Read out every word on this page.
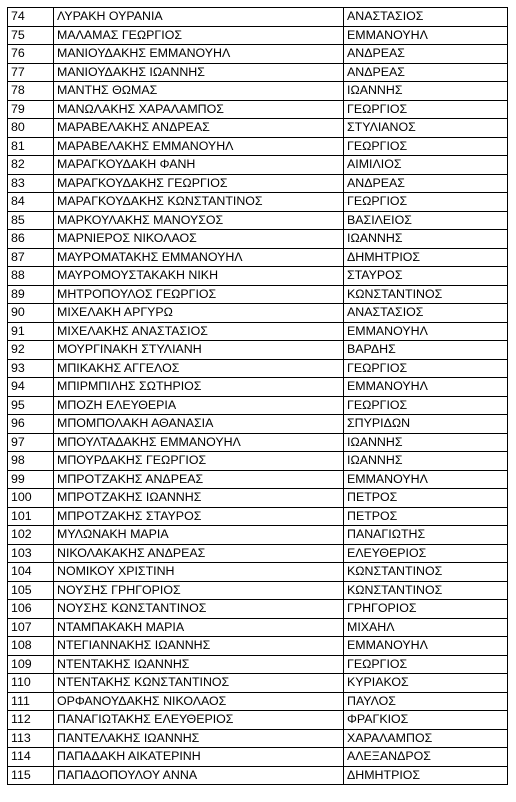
74	ΛΥΡΑΚΗ ΟΥΡΑΝΙΑ	ΑΝΑΣΤΑΣΙΟΣ
75	ΜΑΛΑΜΑΣ ΓΕΩΡΓΙΟΣ	ΕΜΜΑΝΟΥΗΛ
76	ΜΑΝΙΟΥΔΑΚΗΣ ΕΜΜΑΝΟΥΗΛ	ΑΝΔΡΕΑΣ
77	ΜΑΝΙΟΥΔΑΚΗΣ ΙΩΑΝΝΗΣ	ΑΝΔΡΕΑΣ
78	ΜΑΝΤΗΣ ΘΩΜΑΣ	ΙΩΑΝΝΗΣ
79	ΜΑΝΩΛΑΚΗΣ ΧΑΡΑΛΑΜΠΟΣ	ΓΕΩΡΓΙΟΣ
80	ΜΑΡΑΒΕΛΑΚΗΣ ΑΝΔΡΕΑΣ	ΣΤΥΛΙΑΝΟΣ
81	ΜΑΡΑΒΕΛΑΚΗΣ ΕΜΜΑΝΟΥΗΛ	ΓΕΩΡΓΙΟΣ
82	ΜΑΡΑΓΚΟΥΔΑΚΗ ΦΑΝΗ	ΑΙΜΙΛΙΟΣ
83	ΜΑΡΑΓΚΟΥΔΑΚΗΣ ΓΕΩΡΓΙΟΣ	ΑΝΔΡΕΑΣ
84	ΜΑΡΑΓΚΟΥΔΑΚΗΣ ΚΩΝΣΤΑΝΤΙΝΟΣ	ΓΕΩΡΓΙΟΣ
85	ΜΑΡΚΟΥΛΑΚΗΣ ΜΑΝΟΥΣΟΣ	ΒΑΣΙΛΕΙΟΣ
86	ΜΑΡΝΙΕΡΟΣ ΝΙΚΟΛΑΟΣ	ΙΩΑΝΝΗΣ
87	ΜΑΥΡΟΜΑΤΑΚΗΣ ΕΜΜΑΝΟΥΗΛ	ΔΗΜΗΤΡΙΟΣ
88	ΜΑΥΡΟΜΟΥΣΤΑΚΑΚΗ ΝΙΚΗ	ΣΤΑΥΡΟΣ
89	ΜΗΤΡΟΠΟΥΛΟΣ ΓΕΩΡΓΙΟΣ	ΚΩΝΣΤΑΝΤΙΝΟΣ
90	ΜΙΧΕΛΑΚΗ ΑΡΓΥΡΩ	ΑΝΑΣΤΑΣΙΟΣ
91	ΜΙΧΕΛΑΚΗΣ ΑΝΑΣΤΑΣΙΟΣ	ΕΜΜΑΝΟΥΗΛ
92	ΜΟΥΡΓΙΝΑΚΗ ΣΤΥΛΙΑΝΗ	ΒΑΡΔΗΣ
93	ΜΠΙΚΑΚΗΣ ΑΓΓΕΛΟΣ	ΓΕΩΡΓΙΟΣ
94	ΜΠΙΡΜΠΙΛΗΣ ΣΩΤΗΡΙΟΣ	ΕΜΜΑΝΟΥΗΛ
95	ΜΠΟΖΗ ΕΛΕΥΘΕΡΙΑ	ΓΕΩΡΓΙΟΣ
96	ΜΠΟΜΠΟΛΑΚΗ ΑΘΑΝΑΣΙΑ	ΣΠΥΡΙΔΩΝ
97	ΜΠΟΥΛΤΑΔΑΚΗΣ ΕΜΜΑΝΟΥΗΛ	ΙΩΑΝΝΗΣ
98	ΜΠΟΥΡΔΑΚΗΣ ΓΕΩΡΓΙΟΣ	ΙΩΑΝΝΗΣ
99	ΜΠΡΟΤΖΑΚΗΣ ΑΝΔΡΕΑΣ	ΕΜΜΑΝΟΥΗΛ
100	ΜΠΡΟΤΖΑΚΗΣ ΙΩΑΝΝΗΣ	ΠΕΤΡΟΣ
101	ΜΠΡΟΤΖΑΚΗΣ ΣΤΑΥΡΟΣ	ΠΕΤΡΟΣ
102	ΜΥΛΩΝΑΚΗ ΜΑΡΙΑ	ΠΑΝΑΓΙΩΤΗΣ
103	ΝΙΚΟΛΑΚΑΚΗΣ ΑΝΔΡΕΑΣ	ΕΛΕΥΘΕΡΙΟΣ
104	ΝΟΜΙΚΟΥ ΧΡΙΣΤΙΝΗ	ΚΩΝΣΤΑΝΤΙΝΟΣ
105	ΝΟΥΣΗΣ ΓΡΗΓΟΡΙΟΣ	ΚΩΝΣΤΑΝΤΙΝΟΣ
106	ΝΟΥΣΗΣ ΚΩΝΣΤΑΝΤΙΝΟΣ	ΓΡΗΓΟΡΙΟΣ
107	ΝΤΑΜΠΑΚΑΚΗ ΜΑΡΙΑ	ΜΙΧΑΗΛ
108	ΝΤΕΓΙΑΝΝΑΚΗΣ ΙΩΑΝΝΗΣ	ΕΜΜΑΝΟΥΗΛ
109	ΝΤΕΝΤΑΚΗΣ ΙΩΑΝΝΗΣ	ΓΕΩΡΓΙΟΣ
110	ΝΤΕΝΤΑΚΗΣ ΚΩΝΣΤΑΝΤΙΝΟΣ	ΚΥΡΙΑΚΟΣ
111	ΟΡΦΑΝΟΥΔΑΚΗΣ ΝΙΚΟΛΑΟΣ	ΠΑΥΛΟΣ
112	ΠΑΝΑΓΙΩΤΑΚΗΣ ΕΛΕΥΘΕΡΙΟΣ	ΦΡΑΓΚΙΟΣ
113	ΠΑΝΤΕΛΑΚΗΣ ΙΩΑΝΝΗΣ	ΧΑΡΑΛΑΜΠΟΣ
114	ΠΑΠΑΔΑΚΗ ΑΙΚΑΤΕΡΙΝΗ	ΑΛΕΞΑΝΔΡΟΣ
115	ΠΑΠΑΔΟΠΟΥΛΟΥ ΑΝΝΑ	ΔΗΜΗΤΡΙΟΣ
